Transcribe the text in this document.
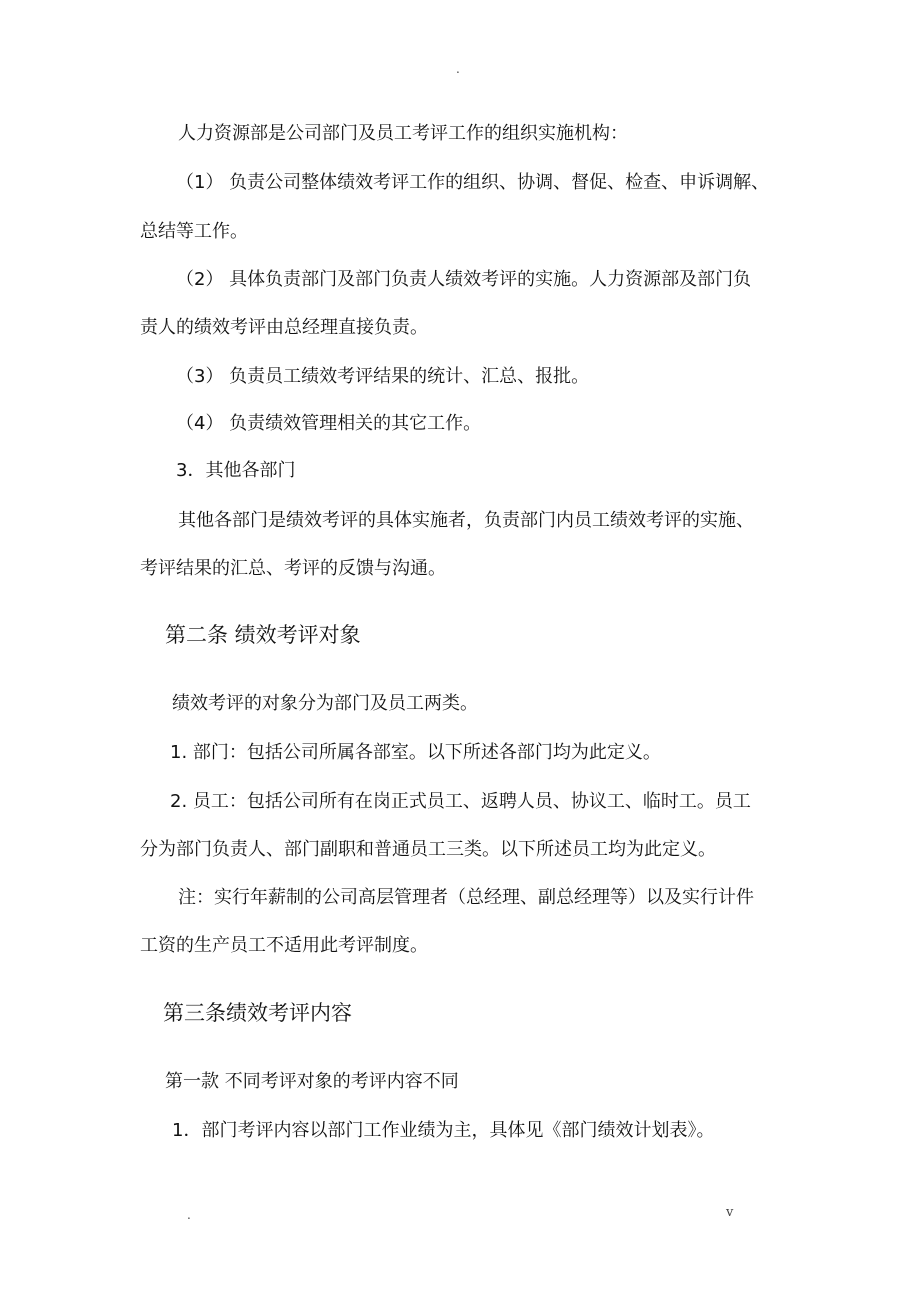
.
人力资源部是公司部门及员工考评工作的组织实施机构：
（1） 负责公司整体绩效考评工作的组织、协调、督促、检查、申诉调解、
总结等工作。
（2） 具体负责部门及部门负责人绩效考评的实施。人力资源部及部门负
责人的绩效考评由总经理直接负责。
（3） 负责员工绩效考评结果的统计、汇总、报批。
（4） 负责绩效管理相关的其它工作。
3．其他各部门
其他各部门是绩效考评的具体实施者，负责部门内员工绩效考评的实施、
考评结果的汇总、考评的反馈与沟通。
第二条 绩效考评对象
绩效考评的对象分为部门及员工两类。
1. 部门：包括公司所属各部室。以下所述各部门均为此定义。
2. 员工：包括公司所有在岗正式员工、返聘人员、协议工、临时工。员工
分为部门负责人、部门副职和普通员工三类。以下所述员工均为此定义。
注：实行年薪制的公司高层管理者（总经理、副总经理等）以及实行计件
工资的生产员工不适用此考评制度。
第三条绩效考评内容
第一款 不同考评对象的考评内容不同
1．部门考评内容以部门工作业绩为主，具体见《部门绩效计划表》。
.	v
